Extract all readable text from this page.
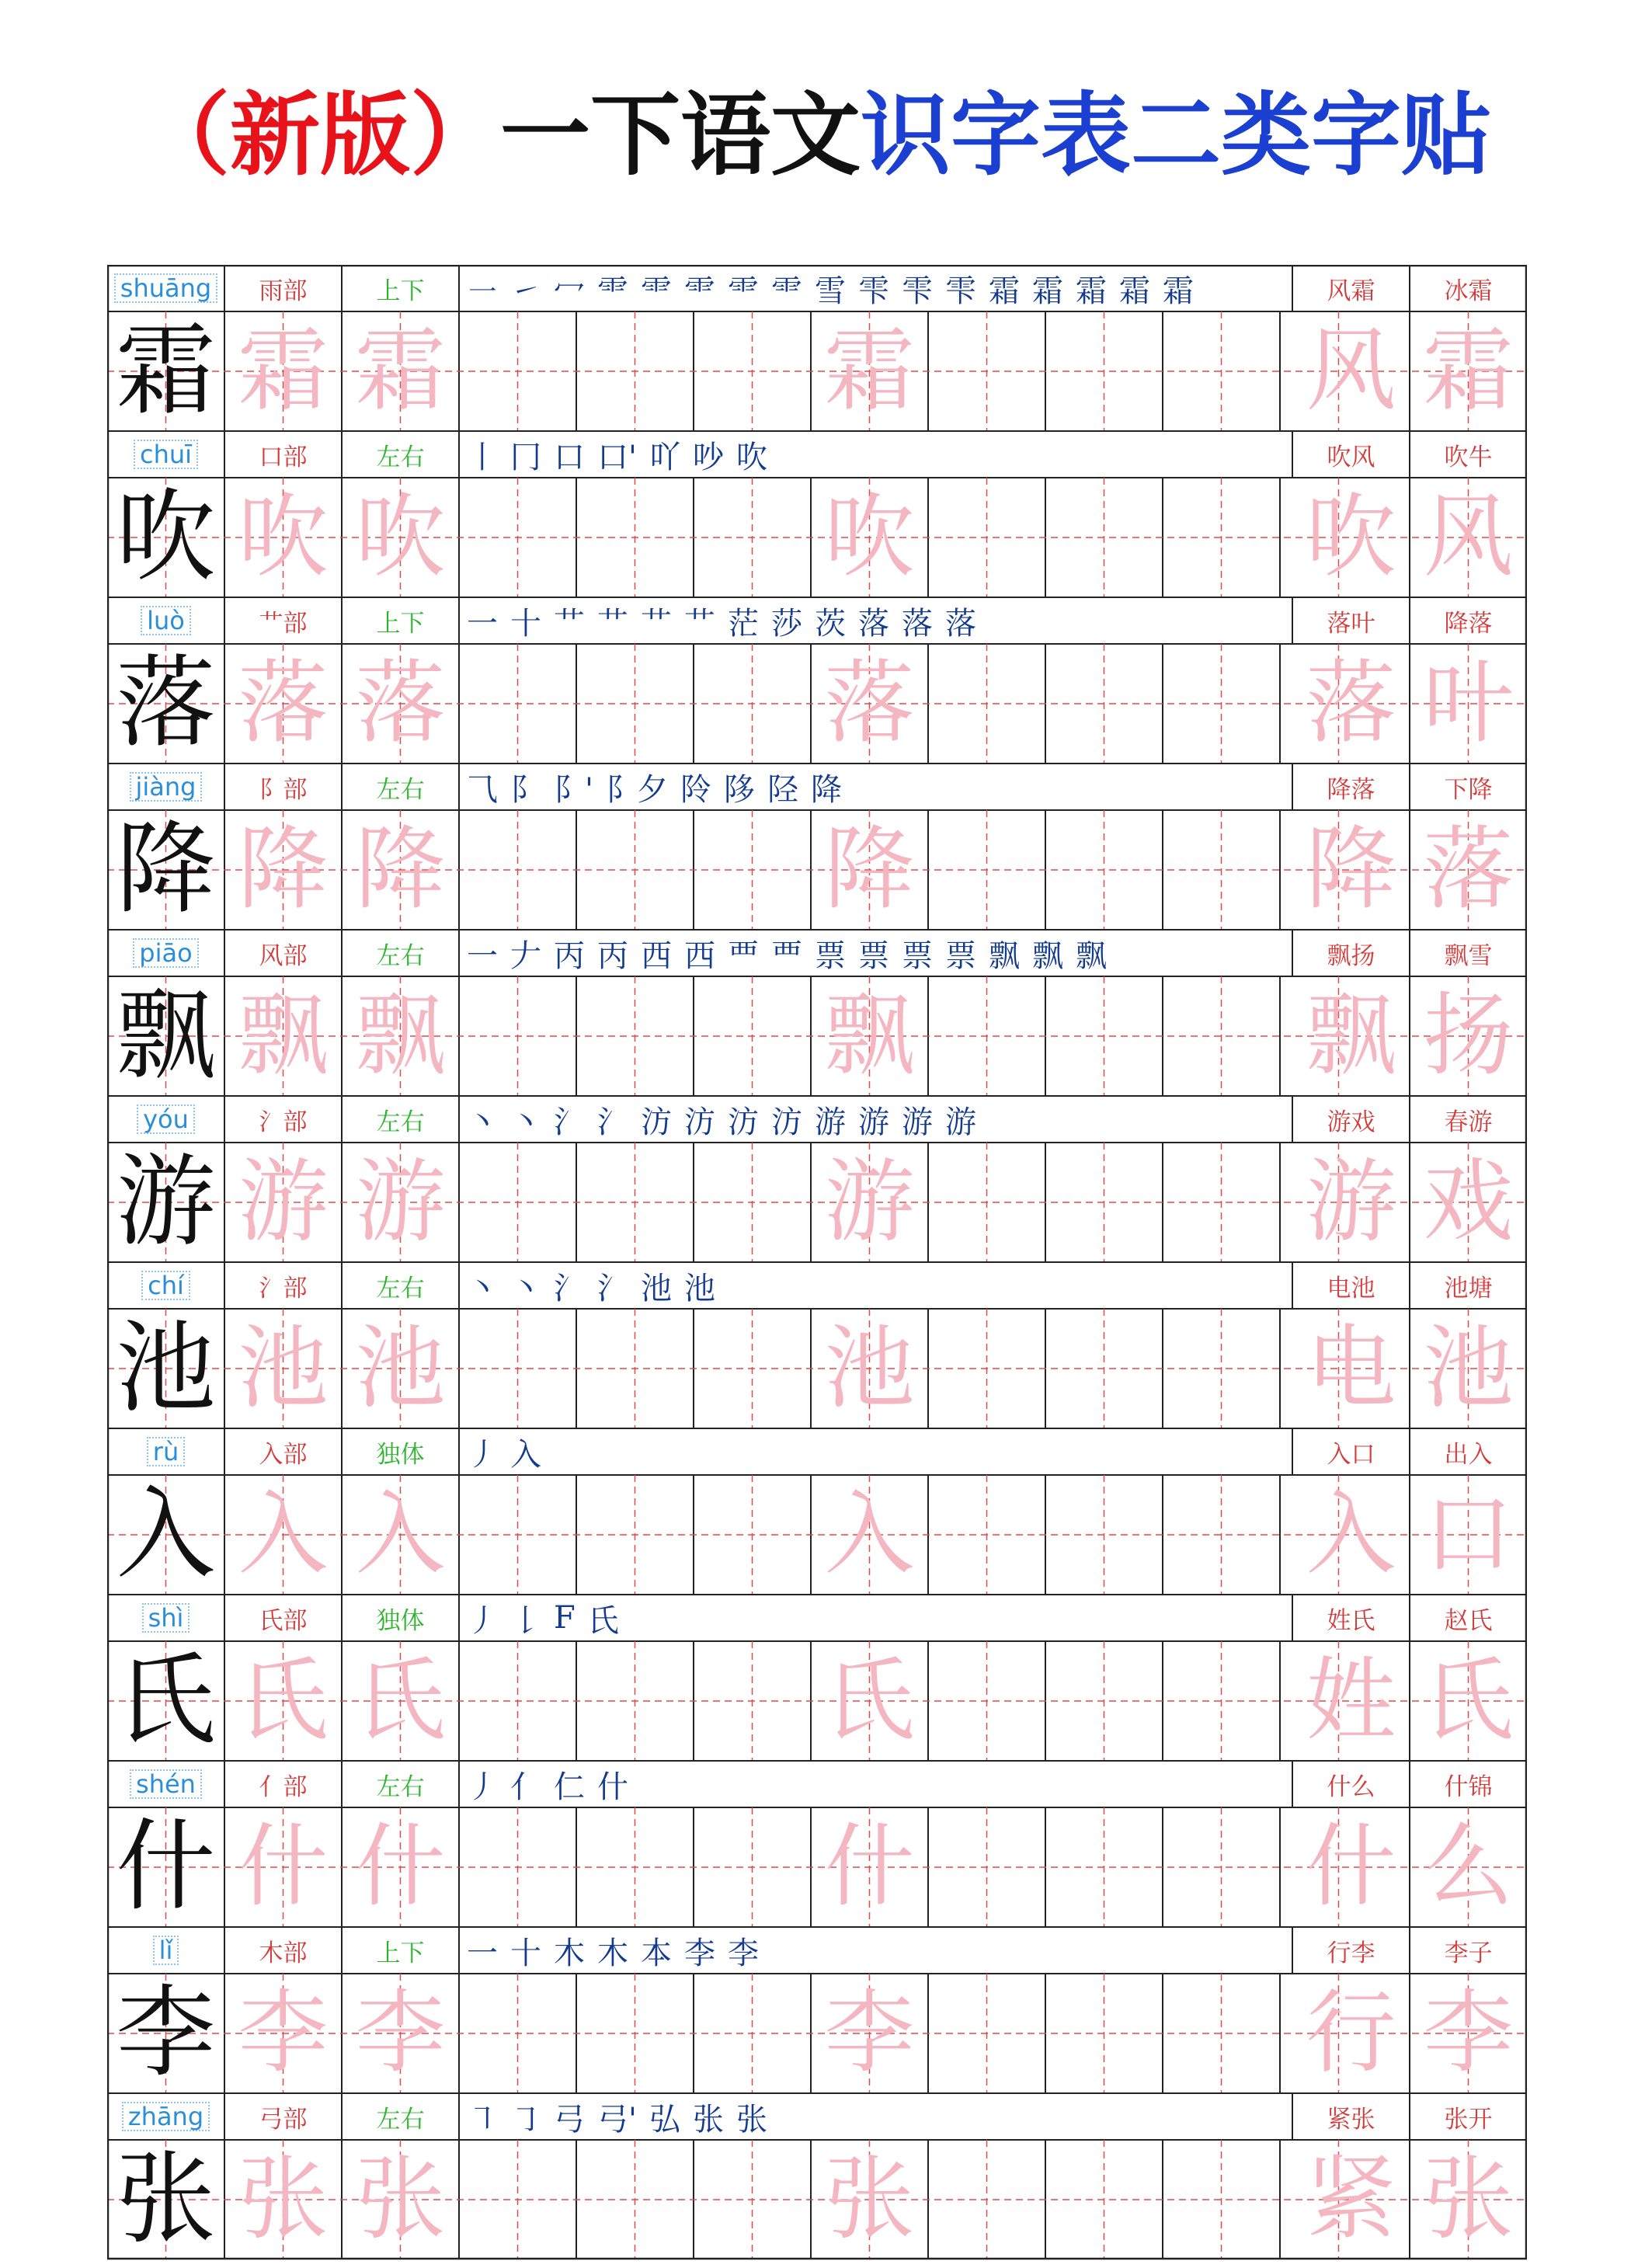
（新版）一下语文识字表二类字贴
shuāng	雨部	上下	㇐ ㇀ 冖 ⻗ ⻗ ⻗ ⻗ ⻗ 雪 雫 雫 雫 霜 霜 霜 霜 霜	风霜	冰霜
霜 霜 霜	霜	风 霜
chuī	口部	左右	丨 冂 口 口' 吖 吵 吹	吹风	吹牛
吹 吹 吹	吹	吹 风
luò	艹部	上下	一 十 艹 艹 艹 艹 茫 莎 茨 落 落 落	落叶	降落
落 落 落	落	落 叶
jiàng	阝部	左右	⺄ 阝 阝' 阝夕 阾 陊 陉 降	降落	下降
降 降 降	降	降 落
piāo	风部	左右	一 𠂇 丙 丙 西 西 覀 覀 票 票 票 票 飘 飘 飘	飘扬	飘雪
飘 飘 飘	飘	飘 扬
yóu	氵部	左右	丶 丶 氵 氵 汸 汸 汸 汸 游 游 游 游	游戏	春游
游 游 游	游	游 戏
chí	氵部	左右	丶 丶 氵 氵 池 池	电池	池塘
池 池 池	池	电 池
rù	入部	独体	丿 入	入口	出入
入 入 入	入	入 口
shì	氏部	独体	丿 𠄌 F 氏	姓氏	赵氏
氏 氏 氏	氏	姓 氏
shén	亻部	左右	丿 亻 仁 什	什么	什锦
什 什 什	什	什 么
lǐ	木部	上下	一 十 木 木 本 李 李	行李	李子
李 李 李	李	行 李
zhāng	弓部	左右	㇕ ㇆ 弓 弓' 弘 张 张	紧张	张开
张 张 张	张	紧 张
